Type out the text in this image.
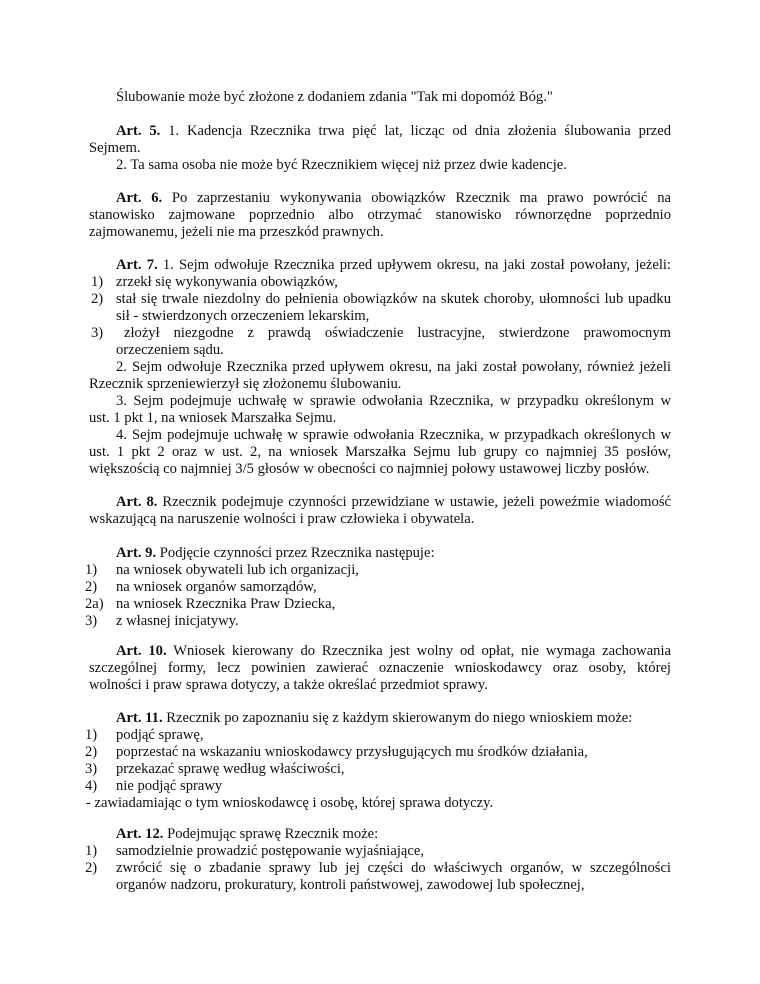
Ślubowanie może być złożone z dodaniem zdania "Tak mi dopomóż Bóg."
Art. 5. 1. Kadencja Rzecznika trwa pięć lat, licząc od dnia złożenia ślubowania przed
Sejmem.
2. Ta sama osoba nie może być Rzecznikiem więcej niż przez dwie kadencje.
Art. 6. Po zaprzestaniu wykonywania obowiązków Rzecznik ma prawo powrócić na
stanowisko zajmowane poprzednio albo otrzymać stanowisko równorzędne poprzednio
zajmowanemu, jeżeli nie ma przeszkód prawnych.
Art. 7. 1. Sejm odwołuje Rzecznika przed upływem okresu, na jaki został powołany, jeżeli:
1) zrzekł się wykonywania obowiązków,
2) stał się trwale niezdolny do pełnienia obowiązków na skutek choroby, ułomności lub upadku
sił - stwierdzonych orzeczeniem lekarskim,
3) złożył niezgodne z prawdą oświadczenie lustracyjne, stwierdzone prawomocnym
orzeczeniem sądu.
2. Sejm odwołuje Rzecznika przed upływem okresu, na jaki został powołany, również jeżeli
Rzecznik sprzeniewierzył się złożonemu ślubowaniu.
3. Sejm podejmuje uchwałę w sprawie odwołania Rzecznika, w przypadku określonym w
ust. 1 pkt 1, na wniosek Marszałka Sejmu.
4. Sejm podejmuje uchwałę w sprawie odwołania Rzecznika, w przypadkach określonych w
ust. 1 pkt 2 oraz w ust. 2, na wniosek Marszałka Sejmu lub grupy co najmniej 35 posłów,
większością co najmniej 3/5 głosów w obecności co najmniej połowy ustawowej liczby posłów.
Art. 8. Rzecznik podejmuje czynności przewidziane w ustawie, jeżeli poweźmie wiadomość
wskazującą na naruszenie wolności i praw człowieka i obywatela.
Art. 9. Podjęcie czynności przez Rzecznika następuje:
1) na wniosek obywateli lub ich organizacji,
2) na wniosek organów samorządów,
2a) na wniosek Rzecznika Praw Dziecka,
3) z własnej inicjatywy.
Art. 10. Wniosek kierowany do Rzecznika jest wolny od opłat, nie wymaga zachowania
szczególnej formy, lecz powinien zawierać oznaczenie wnioskodawcy oraz osoby, której
wolności i praw sprawa dotyczy, a także określać przedmiot sprawy.
Art. 11. Rzecznik po zapoznaniu się z każdym skierowanym do niego wnioskiem może:
1) podjąć sprawę,
2) poprzestać na wskazaniu wnioskodawcy przysługujących mu środków działania,
3) przekazać sprawę według właściwości,
4) nie podjąć sprawy
- zawiadamiając o tym wnioskodawcę i osobę, której sprawa dotyczy.
Art. 12. Podejmując sprawę Rzecznik może:
1) samodzielnie prowadzić postępowanie wyjaśniające,
2) zwrócić się o zbadanie sprawy lub jej części do właściwych organów, w szczególności
organów nadzoru, prokuratury, kontroli państwowej, zawodowej lub społecznej,
